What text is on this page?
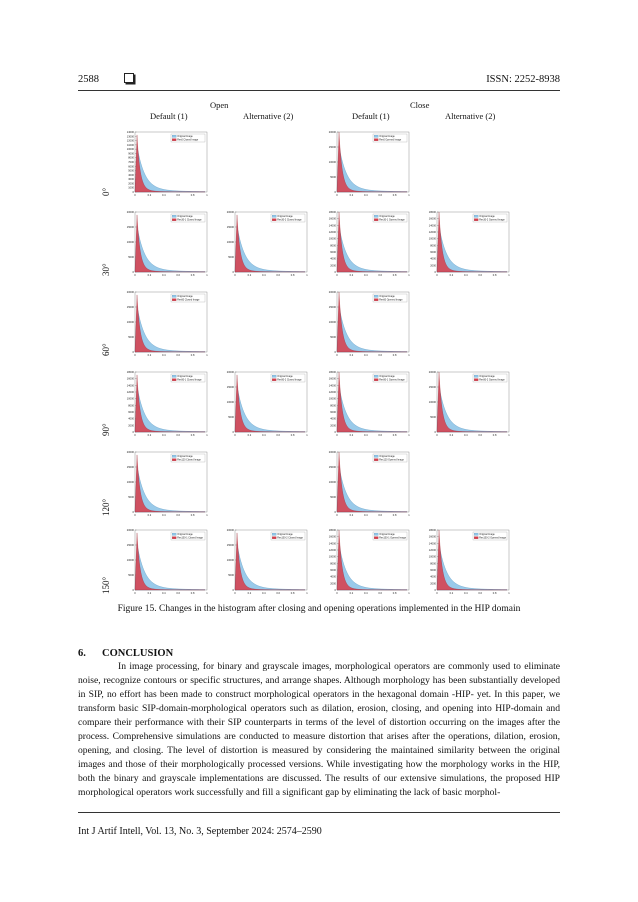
2588	ISSN: 2252-8938
Open	Close
Default (1)	Alternative (2)	Default (1)	Alternative (2)
14000
13000
12000
11000
10000
9000
8000
7000
6000
5000
4000
3000
2000
1000
0
0	0.2	0.4	0.6	0.8	1
Original Image
Res0 Closed Image
20000
15000
10000
5000
0
0	0.2	0.4	0.6	0.8	1
Original Image
Res0 Opened Image
20000
15000
10000
5000
0
0	0.2	0.4	0.6	0.8	1
Original Image
Res30-1 Closed Image
20000
15000
10000
5000
0
0	0.2	0.4	0.6	0.8	1
Original Image
Res30-2 Closed Image
18000
16000
14000
12000
10000
8000
6000
4000
2000
0
0	0.2	0.4	0.6	0.8	1
Original Image
Res30-1 Opened Image
18000
16000
14000
12000
10000
8000
6000
4000
2000
0
0	0.2	0.4	0.6	0.8	1
Original Image
Res30-2 Opened Image
20000
15000
10000
5000
0
0	0.2	0.4	0.6	0.8	1
Original Image
Res60 Closed Image
20000
15000
10000
5000
0
0	0.2	0.4	0.6	0.8	1
Original Image
Res60 Opened Image
18000
16000
14000
12000
10000
8000
6000
4000
2000
0
0	0.2	0.4	0.6	0.8	1
Original Image
Res90-1 Closed Image
20000
15000
10000
5000
0
0	0.2	0.4	0.6	0.8	1
Original Image
Res90-2 Closed Image
18000
16000
14000
12000
10000
8000
6000
4000
2000
0
0	0.2	0.4	0.6	0.8	1
Original Image
Res90-1 Opened Image
20000
15000
10000
5000
0
0	0.2	0.4	0.6	0.8	1
Original Image
Res90-2 Opened Image
20000
15000
10000
5000
0
0	0.2	0.4	0.6	0.8	1
Original Image
Res120 Closed Image
20000
15000
10000
5000
0
0	0.2	0.4	0.6	0.8	1
Original Image
Res120 Opened Image
20000
15000
10000
5000
0
0	0.2	0.4	0.6	0.8	1
Original Image
Res150-1 Closed Image
20000
15000
10000
5000
0
0	0.2	0.4	0.6	0.8	1
Original Image
Res150-2 Closed Image
18000
16000
14000
12000
10000
8000
6000
4000
2000
0
0	0.2	0.4	0.6	0.8	1
Original Image
Res150-1 Opened Image
18000
16000
14000
12000
10000
8000
6000
4000
2000
0
0	0.2	0.4	0.6	0.8	1
Original Image
Res150-2 Opened Image
Figure 15. Changes in the histogram after closing and opening operations implemented in the HIP domain
6. CONCLUSION

In image processing, for binary and grayscale images, morphological operators are commonly used to eliminate noise, recognize contours or specific structures, and arrange shapes. Although morphology has been substantially developed in SIP, no effort has been made to construct morphological operators in the hexagonal domain -HIP- yet. In this paper, we transform basic SIP-domain-morphological operators such as dilation, erosion, closing, and opening into HIP-domain and compare their performance with their SIP counterparts in terms of the level of distortion occurring on the images after the process. Comprehensive simulations are conducted to measure distortion that arises after the operations, dilation, erosion, opening, and closing. The level of distortion is measured by considering the maintained similarity between the original images and those of their morphologically processed versions. While investigating how the morphology works in the HIP, both the binary and grayscale implementations are discussed. The results of our extensive simulations, the proposed HIP morphological operators work successfully and fill a significant gap by eliminating the lack of basic morphol-

Int J Artif Intell, Vol. 13, No. 3, September 2024: 2574–2590
0°
30°
60°
90°
120°
150°
